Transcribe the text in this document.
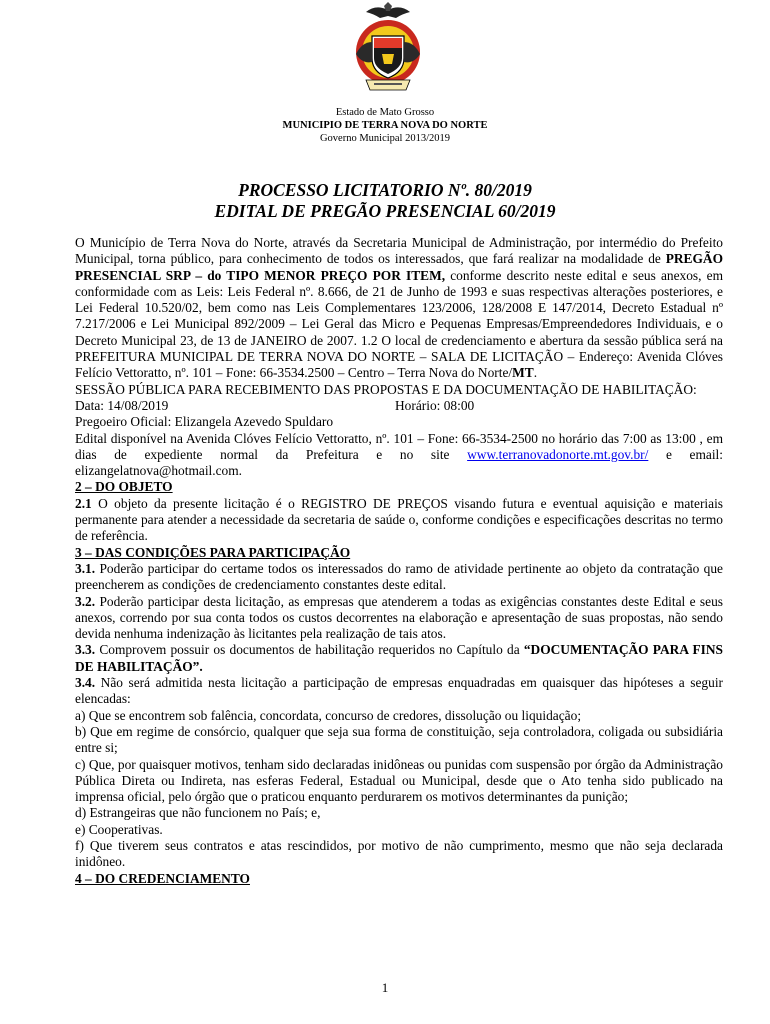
Estado de Mato Grosso
MUNICIPIO DE TERRA NOVA DO NORTE
Governo Municipal 2013/2019
PROCESSO LICITATORIO Nº. 80/2019
EDITAL DE PREGÃO PRESENCIAL 60/2019

O Município de Terra Nova do Norte, através da Secretaria Municipal de Administração, por intermédio do Prefeito Municipal, torna público, para conhecimento de todos os interessados, que fará realizar na modalidade de PREGÃO PRESENCIAL SRP – do TIPO MENOR PREÇO POR ITEM, conforme descrito neste edital e seus anexos, em conformidade com as Leis: Leis Federal nº. 8.666, de 21 de Junho de 1993 e suas respectivas alterações posteriores, e Lei Federal 10.520/02, bem como nas Leis Complementares 123/2006, 128/2008 E 147/2014, Decreto Estadual nº 7.217/2006 e Lei Municipal 892/2009 – Lei Geral das Micro e Pequenas Empresas/Empreendedores Individuais, e o Decreto Municipal 23, de 13 de JANEIRO de 2007. 1.2 O local de credenciamento e abertura da sessão pública será na PREFEITURA MUNICIPAL DE TERRA NOVA DO NORTE – SALA DE LICITAÇÃO – Endereço: Avenida Clóves Felício Vettoratto, nº. 101 – Fone: 66-3534.2500 – Centro – Terra Nova do Norte/MT.

SESSÃO PÚBLICA PARA RECEBIMENTO DAS PROPOSTAS E DA DOCUMENTAÇÃO DE HABILITAÇÃO:

Data: 14/08/2019	Horário: 08:00

Pregoeiro Oficial: Elizangela Azevedo Spuldaro

Edital disponível na Avenida Clóves Felício Vettoratto, nº. 101 – Fone: 66-3534-2500 no horário das 7:00 as 13:00 , em dias de expediente normal da Prefeitura e no site www.terranovadonorte.mt.gov.br/ e email: elizangelatnova@hotmail.com.

2 – DO OBJETO

2.1 O objeto da presente licitação é o REGISTRO DE PREÇOS visando futura e eventual aquisição e materiais permanente para atender a necessidade da secretaria de saúde o, conforme condições e especificações descritas no termo de referência.

3 – DAS CONDIÇÕES PARA PARTICIPAÇÃO

3.1. Poderão participar do certame todos os interessados do ramo de atividade pertinente ao objeto da contratação que preencherem as condições de credenciamento constantes deste edital.

3.2. Poderão participar desta licitação, as empresas que atenderem a todas as exigências constantes deste Edital e seus anexos, correndo por sua conta todos os custos decorrentes na elaboração e apresentação de suas propostas, não sendo devida nenhuma indenização às licitantes pela realização de tais atos.

3.3. Comprovem possuir os documentos de habilitação requeridos no Capítulo da “DOCUMENTAÇÃO PARA FINS DE HABILITAÇÃO”.

3.4. Não será admitida nesta licitação a participação de empresas enquadradas em quaisquer das hipóteses a seguir elencadas:

a) Que se encontrem sob falência, concordata, concurso de credores, dissolução ou liquidação;

b) Que em regime de consórcio, qualquer que seja sua forma de constituição, seja controladora, coligada ou subsidiária entre si;

c) Que, por quaisquer motivos, tenham sido declaradas inidôneas ou punidas com suspensão por órgão da Administração Pública Direta ou Indireta, nas esferas Federal, Estadual ou Municipal, desde que o Ato tenha sido publicado na imprensa oficial, pelo órgão que o praticou enquanto perdurarem os motivos determinantes da punição;

d) Estrangeiras que não funcionem no País; e,

e) Cooperativas.

f) Que tiverem seus contratos e atas rescindidos, por motivo de não cumprimento, mesmo que não seja declarada inidôneo.

4 – DO CREDENCIAMENTO

1
